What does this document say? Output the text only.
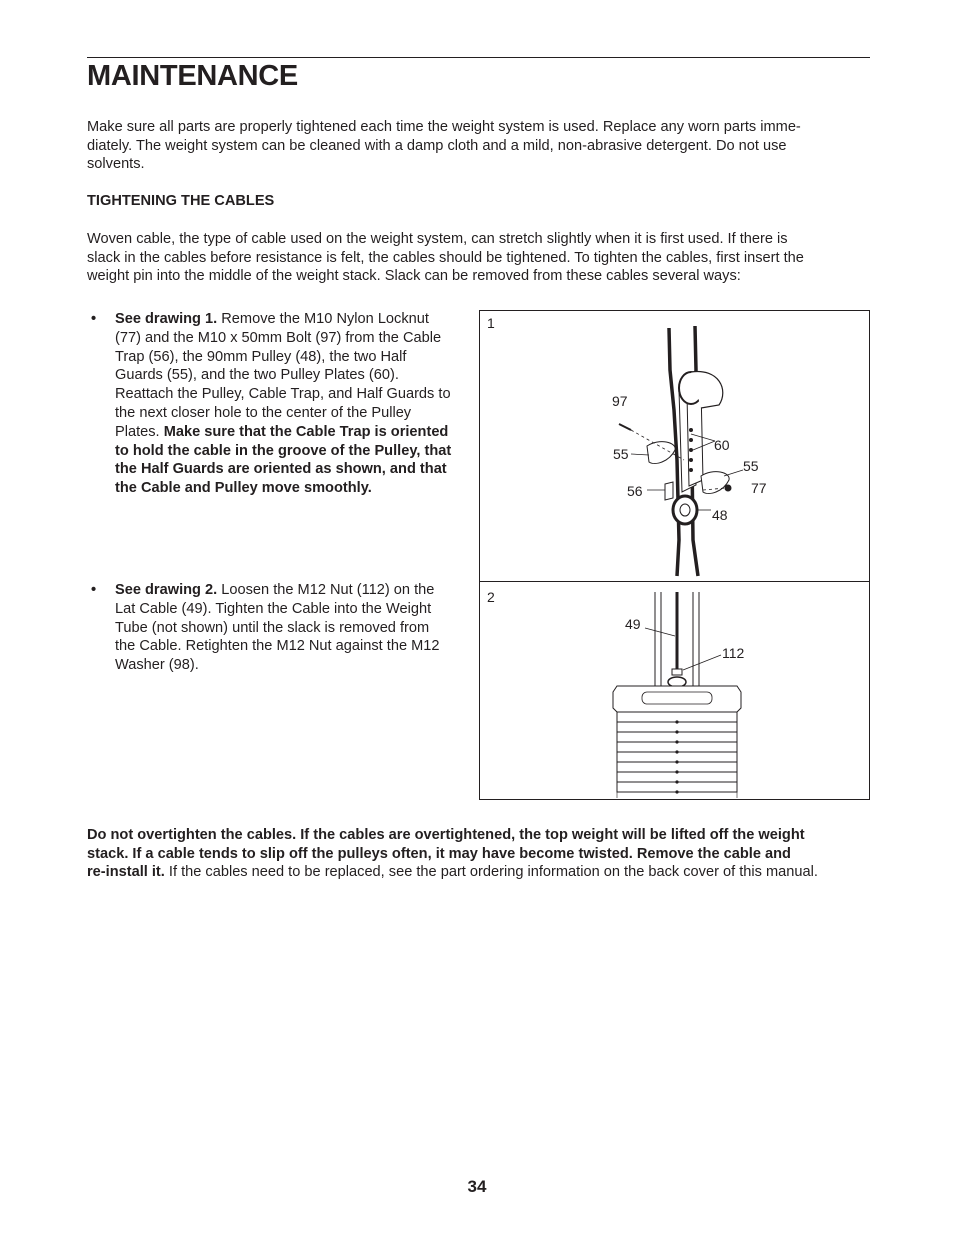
MAINTENANCE
Make sure all parts are properly tightened each time the weight system is used. Replace any worn parts imme-
diately. The weight system can be cleaned with a damp cloth and a mild, non-abrasive detergent. Do not use
solvents.
TIGHTENING THE CABLES
Woven cable, the type of cable used on the weight system, can stretch slightly when it is first used. If there is
slack in the cables before resistance is felt, the cables should be tightened. To tighten the cables, first insert the
weight pin into the middle of the weight stack. Slack can be removed from these cables several ways:
• See drawing 1. Remove the M10 Nylon Locknut (77) and the M10 x 50mm Bolt (97) from the Cable Trap (56), the 90mm Pulley (48), the two Half Guards (55), and the two Pulley Plates (60). Reattach the Pulley, Cable Trap, and Half Guards to the next closer hole to the center of the Pulley Plates. Make sure that the Cable Trap is oriented to hold the cable in the groove of the Pulley, that the Half Guards are oriented as shown, and that the Cable and Pulley move smoothly.

• See drawing 2. Loosen the M12 Nut (112) on the Lat Cable (49). Tighten the Cable into the Weight Tube (not shown) until the slack is removed from the Cable. Retighten the M12 Nut against the M12 Washer (98).

1
97
55
56
60
55
77
48
2
49
112
Do not overtighten the cables. If the cables are overtightened, the top weight will be lifted off the weight
stack. If a cable tends to slip off the pulleys often, it may have become twisted. Remove the cable and
re-install it. If the cables need to be replaced, see the part ordering information on the back cover of this manual.
34
